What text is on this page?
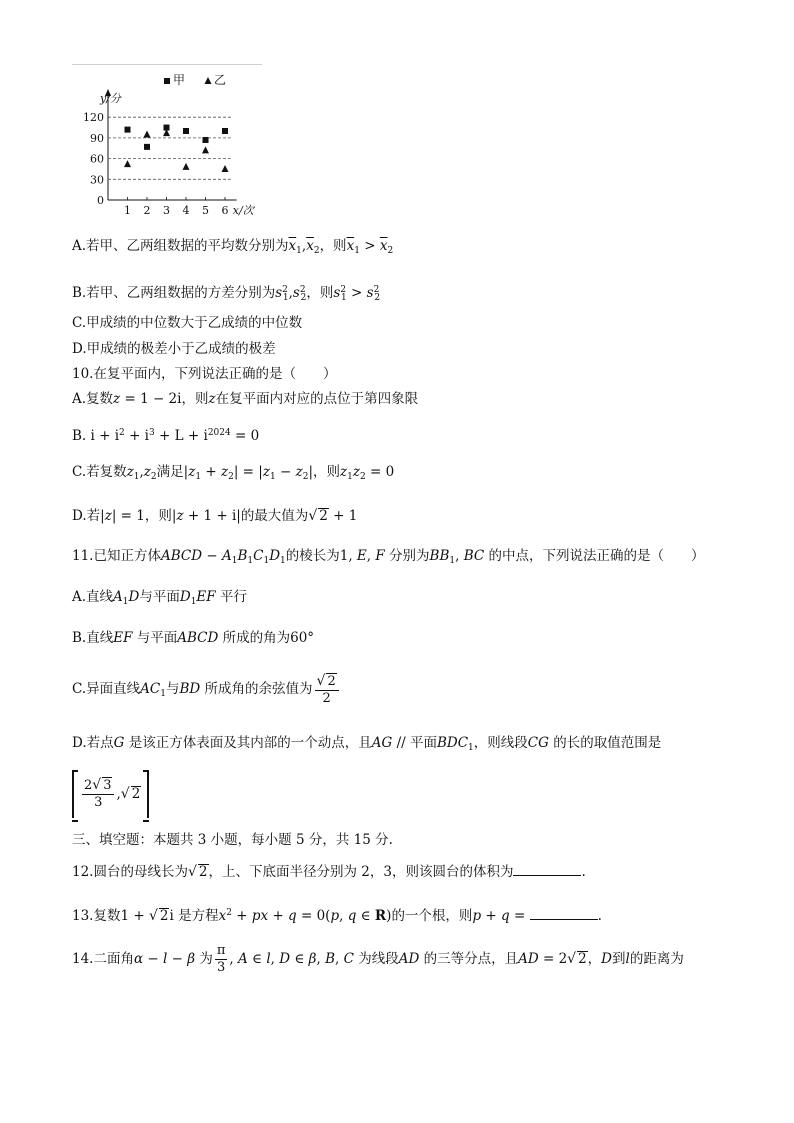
0
30
60
90
120
1 2 3 4 5 6 x/次
y/分
甲 乙
A.若甲、乙两组数据的平均数分别为$\overline{x}_1,\overline{x}_2$，则$\overline{x}_1 > \overline{x}_2$
B.若甲、乙两组数据的方差分别为$s^2_1,s^2_2$，则$s^2_1 > s^2_2$
C.甲成绩的中位数大于乙成绩的中位数
D.甲成绩的极差小于乙成绩的极差
10.在复平面内，下列说法正确的是（　　）
A.复数z = 1 − 2i，则z在复平面内对应的点位于第四象限
B. $i + i^2 + i^3 + L + i^{2024} = 0$
C.若复数$z_1,z_2$满足$|z_1 + z_2| = |z_1 - z_2|$，则$z_1z_2 = 0$
D.若|z| = 1，则|z + 1 + i|的最大值为√ 2 + 1
11.已知正方体ABCD − $A_1B_1C_1D_1$的棱长为1, E, F 分别为$BB_1$, BC 的中点，下列说法正确的是（　　）
A.直线$A_1D$与平面$D_1EF$ 平行
B.直线EF 与平面ABCD 所成的角为60°
C.异面直线$AC_1$与BD 所成角的余弦值为 $\frac{√ 2}{2}$
D.若点G 是该正方体表面及其内部的一个动点，且AG // 平面$BDC_1$，则线段CG 的长的取值范围是
$\frac{2√ 3}{3}$ , √ 2
三、填空题：本题共 3 小题，每小题 5 分，共 15 分.
12.圆台的母线长为√ 2，上、下底面半径分别为 2，3，则该圆台的体积为	.
13.复数1 + √ 2i 是方程$x^2$ + px + q = 0(p, q ∈ R)的一个根，则p + q =	.
14.二面角α − l − β 为 $\frac{\pi}{3}$ , A ∈ l, D ∈ β, B, C 为线段AD 的三等分点，且AD = 2√ 2，D到l的距离为
